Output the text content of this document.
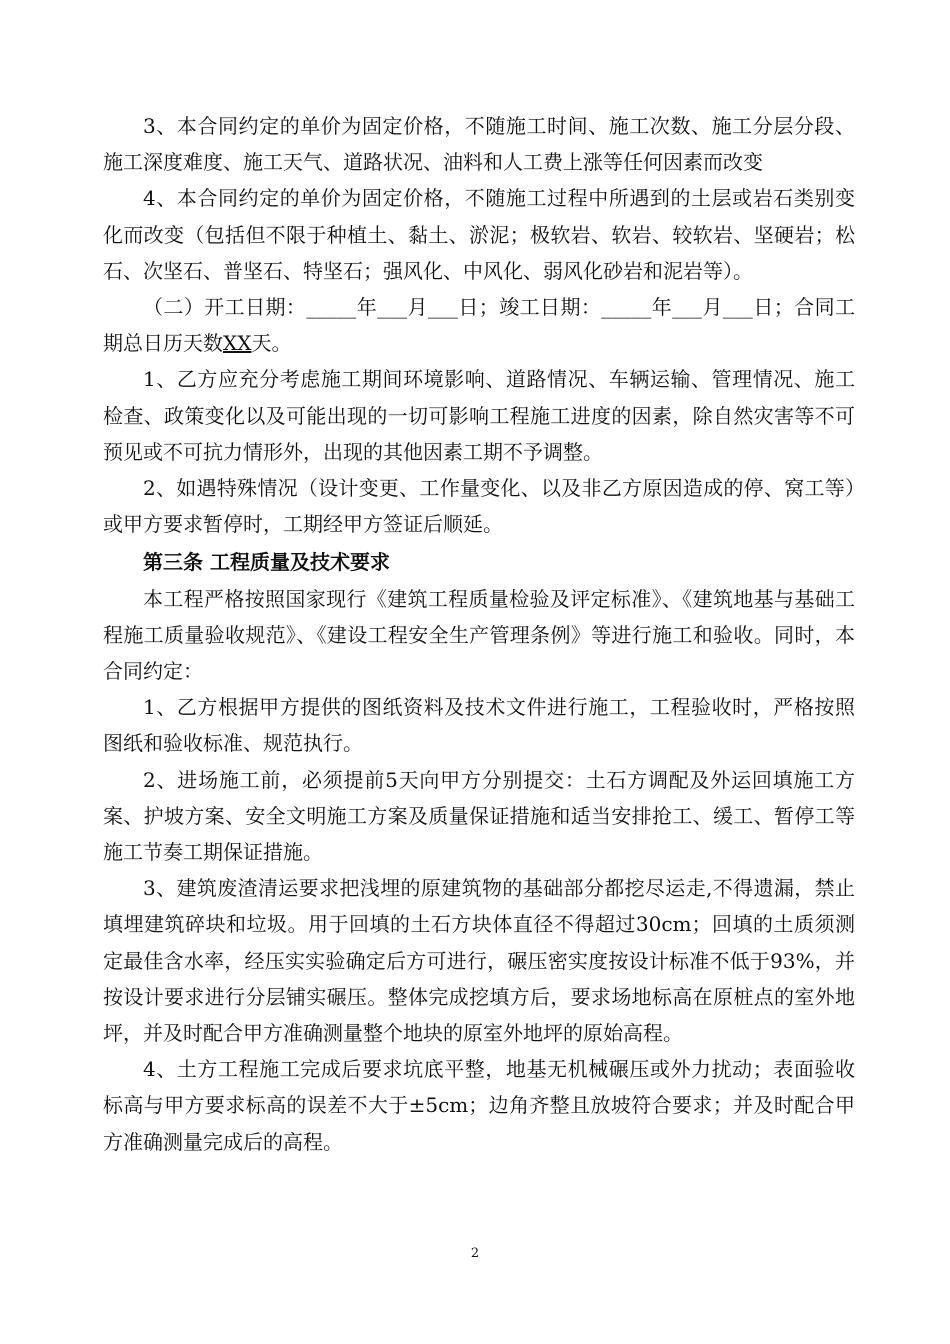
3、本合同约定的单价为固定价格，不随施工时间、施工次数、施工分层分段、施工深度难度、施工天气、道路状况、油料和人工费上涨等任何因素而改变

4、本合同约定的单价为固定价格，不随施工过程中所遇到的土层或岩石类别变化而改变（包括但不限于种植土、黏土、淤泥；极软岩、软岩、较软岩、坚硬岩；松石、次坚石、普坚石、特坚石；强风化、中风化、弱风化砂岩和泥岩等）。

（二）开工日期：_____年___月___日；竣工日期：_____年___月___日；合同工期总日历天数XX天。

1、乙方应充分考虑施工期间环境影响、道路情况、车辆运输、管理情况、施工检查、政策变化以及可能出现的一切可影响工程施工进度的因素，除自然灾害等不可预见或不可抗力情形外，出现的其他因素工期不予调整。

2、如遇特殊情况（设计变更、工作量变化、以及非乙方原因造成的停、窝工等）或甲方要求暂停时，工期经甲方签证后顺延。

第三条 工程质量及技术要求

本工程严格按照国家现行《建筑工程质量检验及评定标准》、《建筑地基与基础工程施工质量验收规范》、《建设工程安全生产管理条例》等进行施工和验收。同时，本合同约定：

1、乙方根据甲方提供的图纸资料及技术文件进行施工，工程验收时，严格按照图纸和验收标准、规范执行。

2、进场施工前，必须提前5天向甲方分别提交：土石方调配及外运回填施工方案、护坡方案、安全文明施工方案及质量保证措施和适当安排抢工、缓工、暂停工等施工节奏工期保证措施。

3、建筑废渣清运要求把浅埋的原建筑物的基础部分都挖尽运走,不得遗漏，禁止填埋建筑碎块和垃圾。用于回填的土石方块体直径不得超过30cm；回填的土质须测定最佳含水率，经压实实验确定后方可进行，碾压密实度按设计标准不低于93%，并按设计要求进行分层铺实碾压。整体完成挖填方后，要求场地标高在原桩点的室外地坪，并及时配合甲方准确测量整个地块的原室外地坪的原始高程。

4、土方工程施工完成后要求坑底平整，地基无机械碾压或外力扰动；表面验收标高与甲方要求标高的误差不大于±5cm；边角齐整且放坡符合要求；并及时配合甲方准确测量完成后的高程。

2
